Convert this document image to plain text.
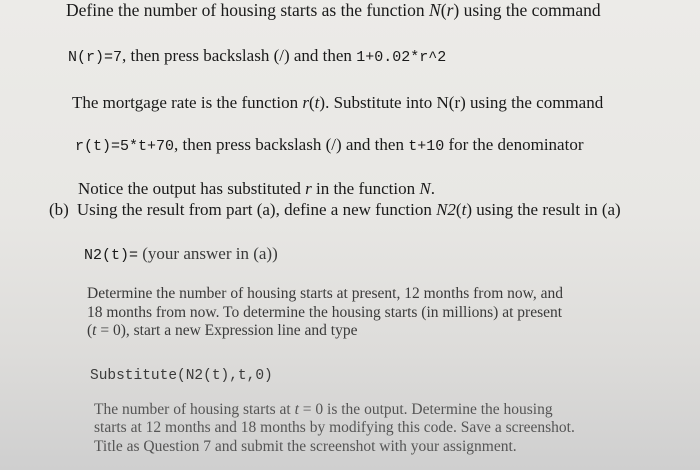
Define the number of housing starts as the function N(r) using the command
N(r)=7, then press backslash (/) and then 1+0.02*r^2
The mortgage rate is the function r(t). Substitute into N(r) using the command
r(t)=5*t+70, then press backslash (/) and then t+10 for the denominator
Notice the output has substituted r in the function N.
(b) Using the result from part (a), define a new function N2(t) using the result in (a)
N2(t)= (your answer in (a))
Determine the number of housing starts at present, 12 months from now, and
18 months from now. To determine the housing starts (in millions) at present
(t = 0), start a new Expression line and type
Substitute(N2(t),t,0)
The number of housing starts at t = 0 is the output. Determine the housing
starts at 12 months and 18 months by modifying this code. Save a screenshot.
Title as Question 7 and submit the screenshot with your assignment.
